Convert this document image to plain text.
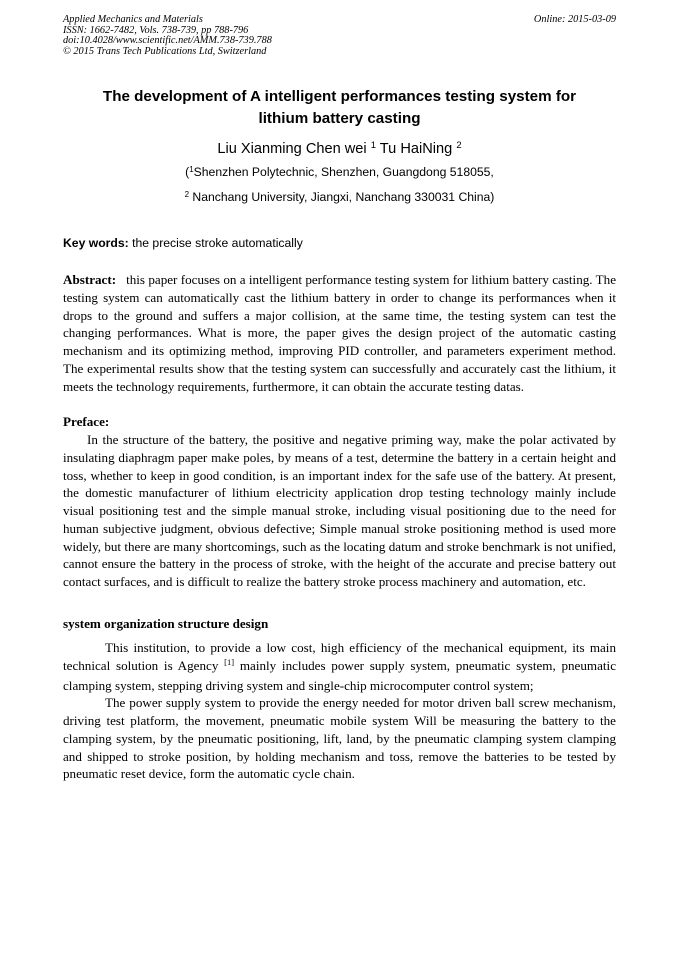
Applied Mechanics and Materials
ISSN: 1662-7482, Vols. 738-739, pp 788-796
doi:10.4028/www.scientific.net/AMM.738-739.788
© 2015 Trans Tech Publications Ltd, Switzerland
Online: 2015-03-09
The development of A intelligent performances testing system for
lithium battery casting
Liu Xianming Chen wei $^1$ Tu HaiNing $^2$
($^1$Shenzhen Polytechnic, Shenzhen, Guangdong 518055,
$^2$ Nanchang University, Jiangxi, Nanchang 330031 China)
Key words: the precise stroke automatically

Abstract: this paper focuses on a intelligent performance testing system for lithium battery casting. The testing system can automatically cast the lithium battery in order to change its performances when it drops to the ground and suffers a major collision, at the same time, the testing system can test the changing performances. What is more, the paper gives the design project of the automatic casting mechanism and its optimizing method, improving PID controller, and parameters experiment method. The experimental results show that the testing system can successfully and accurately cast the lithium, it meets the technology requirements, furthermore, it can obtain the accurate testing datas.

Preface:

In the structure of the battery, the positive and negative priming way, make the polar activated by insulating diaphragm paper make poles, by means of a test, determine the battery in a certain height and toss, whether to keep in good condition, is an important index for the safe use of the battery. At present, the domestic manufacturer of lithium electricity application drop testing technology mainly include visual positioning test and the simple manual stroke, including visual positioning due to the need for human subjective judgment, obvious defective; Simple manual stroke positioning method is used more widely, but there are many shortcomings, such as the locating datum and stroke benchmark is not unified, cannot ensure the battery in the process of stroke, with the height of the accurate and precise battery out contact surfaces, and is difficult to realize the battery stroke process machinery and automation, etc.

system organization structure design

This institution, to provide a low cost, high efficiency of the mechanical equipment, its main technical solution is Agency [1] mainly includes power supply system, pneumatic system, pneumatic clamping system, stepping driving system and single-chip microcomputer control system;

The power supply system to provide the energy needed for motor driven ball screw mechanism, driving test platform, the movement, pneumatic mobile system Will be measuring the battery to the clamping system, by the pneumatic positioning, lift, land, by the pneumatic clamping system clamping and shipped to stroke position, by holding mechanism and toss, remove the batteries to be tested by pneumatic reset device, form the automatic cycle chain.
